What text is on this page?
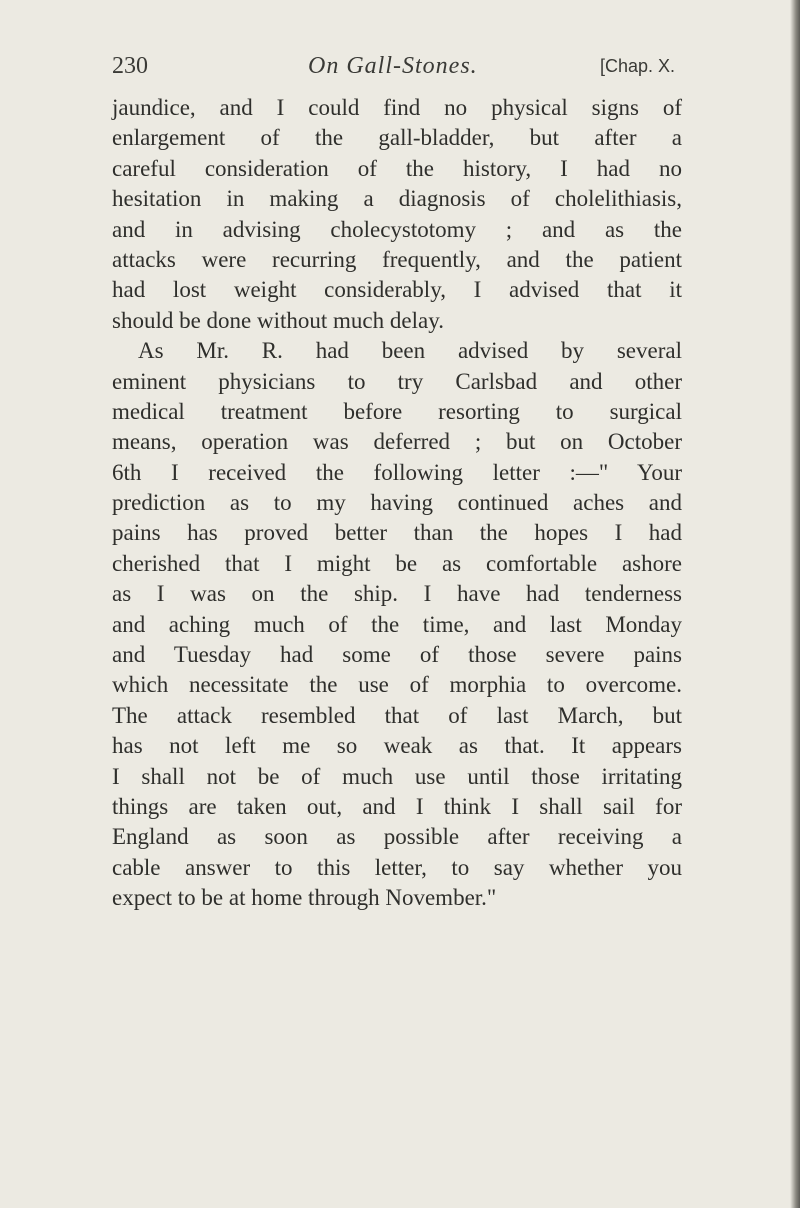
230	On Gall-Stones.	[Chap. X.
jaundice, and I could find no physical signs of
enlargement of the gall-bladder, but after a
careful consideration of the history, I had no
hesitation in making a diagnosis of cholelithiasis,
and in advising cholecystotomy ; and as the
attacks were recurring frequently, and the patient
had lost weight considerably, I advised that it
should be done without much delay.
As Mr. R. had been advised by several
eminent physicians to try Carlsbad and other
medical treatment before resorting to surgical
means, operation was deferred ; but on October
6th I received the following letter :—" Your
prediction as to my having continued aches and
pains has proved better than the hopes I had
cherished that I might be as comfortable ashore
as I was on the ship. I have had tenderness
and aching much of the time, and last Monday
and Tuesday had some of those severe pains
which necessitate the use of morphia to overcome.
The attack resembled that of last March, but
has not left me so weak as that. It appears
I shall not be of much use until those irritating
things are taken out, and I think I shall sail for
England as soon as possible after receiving a
cable answer to this letter, to say whether you
expect to be at home through November."
